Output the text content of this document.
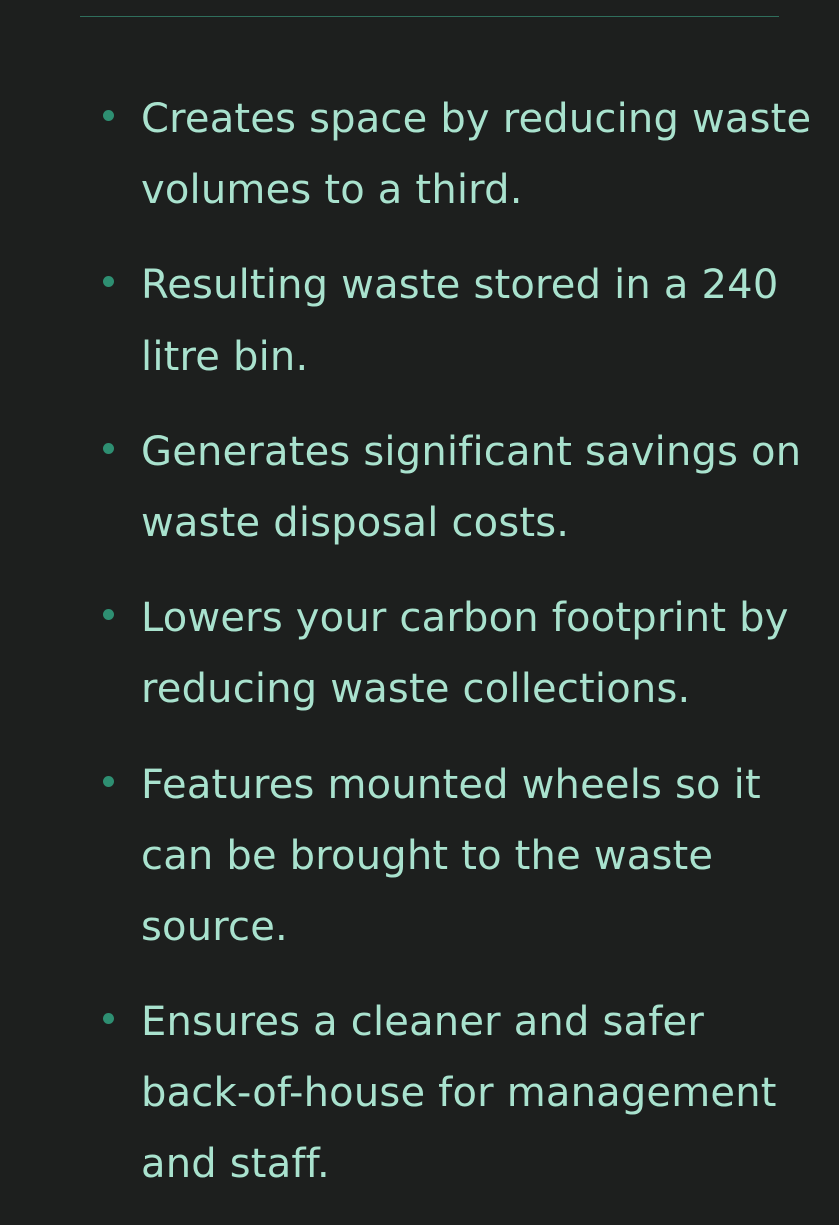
Creates space by reducing waste volumes to a third.
Resulting waste stored in a 240 litre bin.
Generates significant savings on waste disposal costs.
Lowers your carbon footprint by reducing waste collections.
Features mounted wheels so it can be brought to the waste source.
Ensures a cleaner and safer back-of-house for management and staff.
